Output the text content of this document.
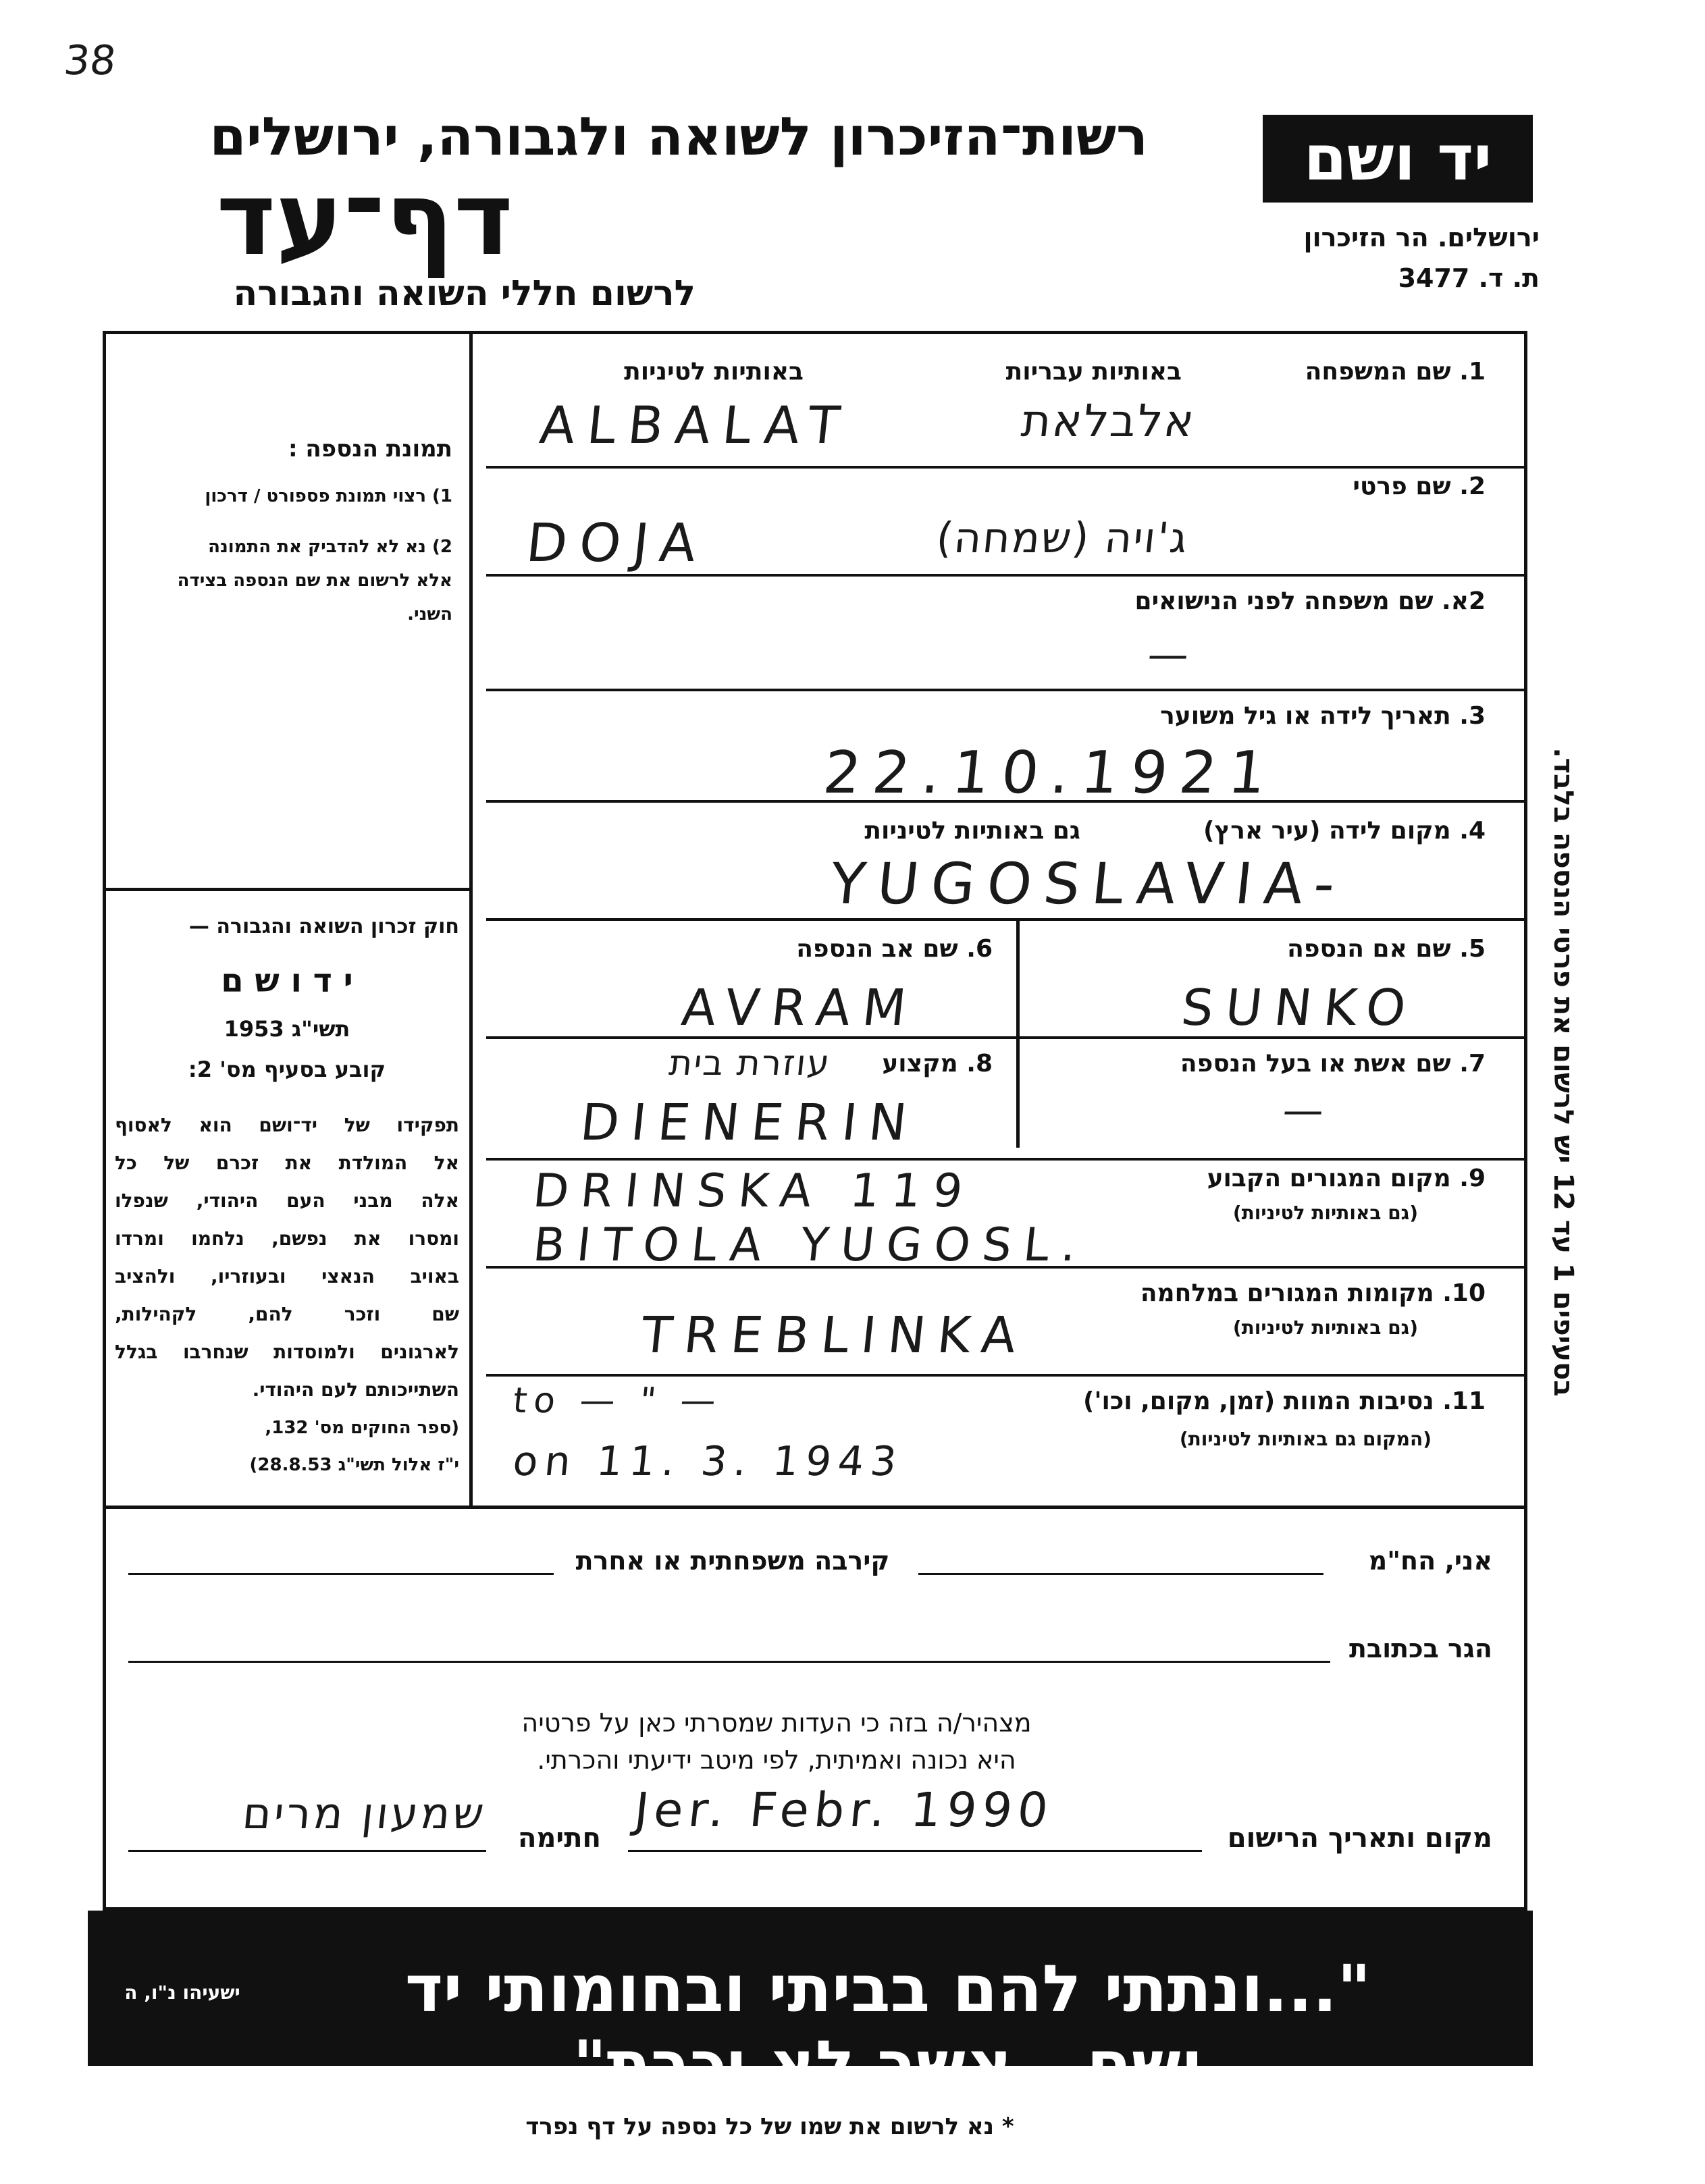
38
רשות־הזיכרון לשואה ולגבורה, ירושלים
דף־עד
לרשום חללי השואה והגבורה
יד ושם
ירושלים. הר הזיכרון
ת. ד. 3477
תמונת הנספה :
1) רצוי תמונת פספורט / דרכון
2) נא לא להדביק את התמונה
אלא לרשום את שם הנספה בצידה
השני.
חוק זכרון השואה והגבורה —
י ד ו ש ם
תשי"ג 1953
קובע בסעיף מס' 2:
תפקידו של יד־ושם הוא לאסוף
אל המולדת את זכרם של כל
אלה מבני העם היהודי, שנפלו
ומסרו את נפשם, נלחמו ומרדו
באויב הנאצי ובעוזריו, ולהציב
שם וזכר להם, לקהילות,
לארגונים ולמוסדות שנחרבו בגלל
השתייכותם לעם היהודי.
(ספר החוקים מס' 132,
י"ז אלול תשי"ג 28.8.53)
בסעיפים 1 עד 12 יש לרשום את פרטי הנספה בלבד.
1. שם המשפחה
באותיות עבריות
באותיות לטיניות
ALBALAT	אלבלאת
2. שם פרטי
DOJA	ג'ויה (שמחה)
2א. שם משפחה לפני הנישואים
—
3. תאריך לידה או גיל משוער
22.10.1921
4. מקום לידה (עיר ארץ)
גם באותיות לטיניות
YUGOSLAVIA-
5. שם אם הנספה
SUNKO
6. שם אב הנספה
AVRAM
7. שם אשת או בעל הנספה
—
8. מקצוע
עוזרת בית
DIENERIN
9. מקום המגורים הקבוע
(גם באותיות לטיניות)
DRINSKA 119
BITOLA YUGOSL.
10. מקומות המגורים במלחמה
(גם באותיות לטיניות)
TREBLINKA
11. נסיבות המוות (זמן, מקום, וכו')
(המקום גם באותיות לטיניות)
to — " —
on 11. 3. 1943
אני, הח"מ
קירבה משפחתית או אחרת
הגר בכתובת
מצהיר/ה בזה כי העדות שמסרתי כאן על פרטיה
היא נכונה ואמיתית, לפי מיטב ידיעתי והכרתי.
מקום ותאריך הרישום
Jer. Febr. 1990
חתימה
שמעון מרים
"...ונתתי להם בביתי ובחומותי יד ושם...אשר לא יכרת"
ישעיהו נ"ו, ה
* נא לרשום את שמו של כל נספה על דף נפרד
